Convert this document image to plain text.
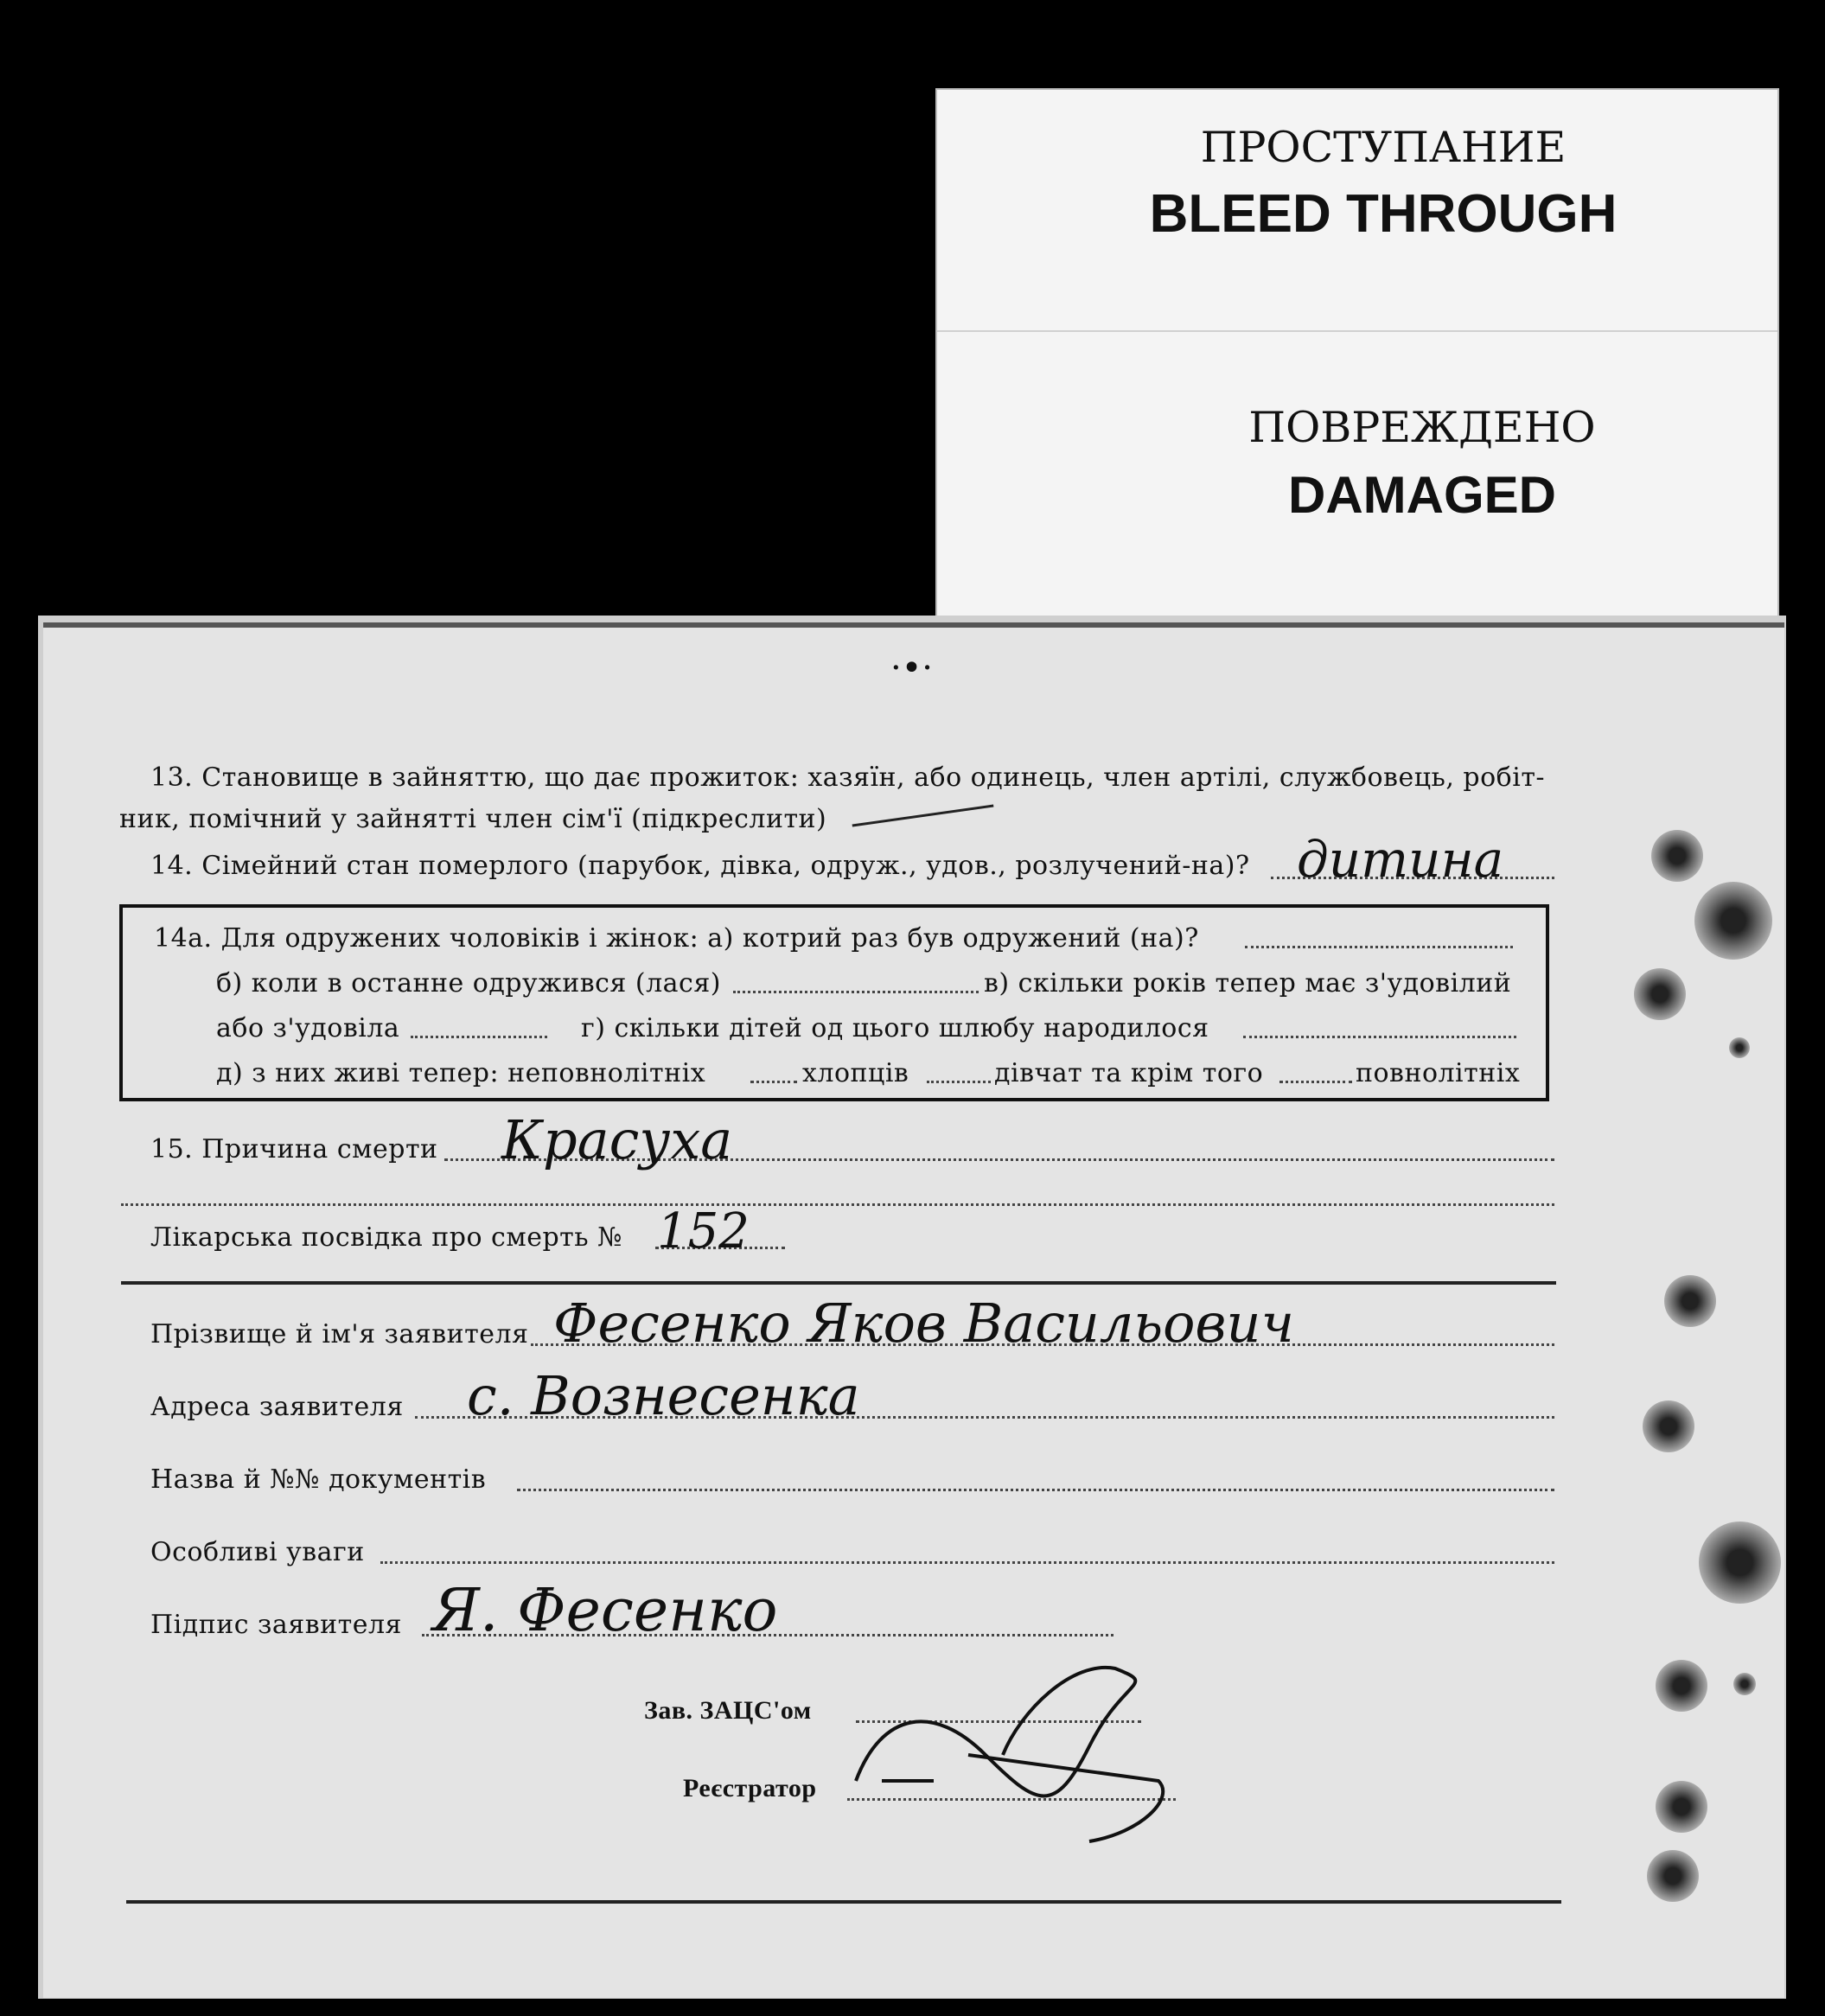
ПРОСТУПАНИЕ
BLEED THROUGH
ПОВРЕЖДЕНО
DAMAGED
·•·
13. Становище в зайняттю, що дає прожиток: хазяїн, або одинець, член артілі, службовець, робіт-
ник, помічний у зайнятті член сім'ї (підкреслити)
14. Сімейний стан померлого (парубок, дівка, одруж., удов., розлучений-на)? дитина
14а. Для одружених чоловіків і жінок: а) котрий раз був одружений (на)?
б) коли в останне одружився (лася)	в) скільки років тепер має з'удовілий
або з'удовіла	г) скільки дітей од цього шлюбу народилося
д) з них живі тепер: неповнолітніх	хлопців	дівчат та крім того	повнолітніх
15. Причина смерти Красуха
Лікарська посвідка про смерть № 152
Прізвище й ім'я заявителя Фесенко Яков Васильович
Адреса заявителя с. Вознесенка
Назва й №№ документів
Особливі уваги
Підпис заявителя Я. Фесенко
Зав. ЗАЦС'ом
Реєстратор
